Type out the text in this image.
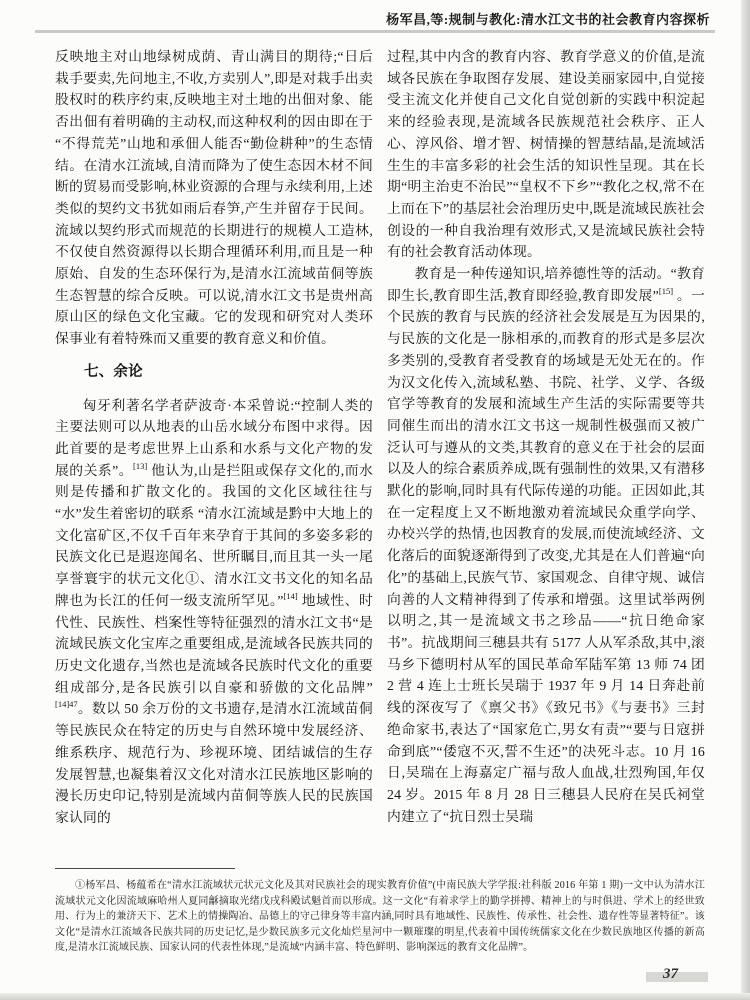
杨军昌,等:规制与教化:清水江文书的社会教育内容探析

反映地主对山地绿树成荫、青山满目的期待;“日后栽手要卖,先问地主,不收,方卖别人”,即是对栽手出卖股权时的秩序约束,反映地主对土地的出佃对象、能否出佃有着明确的主动权,而这种权利的因由即在于“不得荒芜”山地和承佃人能否“勤俭耕种”的生态情结。在清水江流域,自清而降为了使生态因木材不间断的贸易而受影响,林业资源的合理与永续利用,上述类似的契约文书犹如雨后春笋,产生并留存于民间。流域以契约形式而规范的长期进行的规模人工造林,不仅使自然资源得以长期合理循环利用,而且是一种原始、自发的生态环保行为,是清水江流域苗侗等族生态智慧的综合反映。可以说,清水江文书是贵州高原山区的绿色文化宝藏。它的发现和研究对人类环保事业有着特殊而又重要的教育意义和价值。

七、余论

匈牙利著名学者萨波奇·本采曾说:“控制人类的主要法则可以从地表的山岳水域分布图中求得。因此首要的是考虑世界上山系和水系与文化产物的发展的关系”。[13] 他认为,山是拦阻或保存文化的,而水则是传播和扩散文化的。我国的文化区域往往与“水”发生着密切的联系 “清水江流域是黔中大地上的文化富矿区,不仅千百年来孕育于其间的多姿多彩的民族文化已是遐迩闻名、世所瞩目,而且其一头一尾享誉寰宇的状元文化①、清水江文书文化的知名品牌也为长江的任何一级支流所罕见。”[14] 地域性、时代性、民族性、档案性等特征强烈的清水江文书“是流域民族文化宝库之重要组成,是流域各民族共同的历史文化遗存,当然也是流域各民族时代文化的重要组成部分,是各民族引以自豪和骄傲的文化品牌”$^{[14]47}$。数以 50 余万份的文书遗存,是清水江流域苗侗等民族民众在特定的历史与自然环境中发展经济、维系秩序、规范行为、珍视环境、团结诚信的生存发展智慧,也凝集着汉文化对清水江民族地区影响的漫长历史印记,特别是流域内苗侗等族人民的民族国家认同的

过程,其中内含的教育内容、教育学意义的价值,是流域各民族在争取图存发展、建设美丽家园中,自觉接受主流文化并使自己文化自觉创新的实践中积淀起来的经验表现,是流域各民族规范社会秩序、正人心、淳风俗、增才智、树情操的智慧结晶,是流域活生生的丰富多彩的社会生活的知识性呈现。其在长期“明主治吏不治民”“皇权不下乡”“教化之权,常不在上而在下”的基层社会治理历史中,既是流域民族社会创设的一种自我治理有效形式,又是流域民族社会特有的社会教育活动体现。

教育是一种传递知识,培养德性等的活动。“教育即生长,教育即生活,教育即经验,教育即发展”[15] 。一个民族的教育与民族的经济社会发展是互为因果的,与民族的文化是一脉相承的,而教育的形式是多层次多类别的,受教育者受教育的场域是无处无在的。作为汉文化传入,流域私塾、书院、社学、义学、各级官学等教育的发展和流域生产生活的实际需要等共同催生而出的清水江文书这一规制性极强而又被广泛认可与遵从的文类,其教育的意义在于社会的层面以及人的综合素质养成,既有强制性的效果,又有潜移默化的影响,同时具有代际传递的功能。正因如此,其在一定程度上又不断地激劝着流域民众重学向学、办校兴学的热情,也因教育的发展,而使流域经济、文化落后的面貌逐渐得到了改变,尤其是在人们普遍“向化”的基础上,民族气节、家国观念、自律守规、诚信向善的人文精神得到了传承和增强。这里试举两例以明之,其一是流域文书之珍品——“抗日绝命家书”。抗战期间三穗县共有 5177 人从军杀敌,其中,滚马乡下德明村从军的国民革命军陆军第 13 师 74 团 2 营 4 连上士班长吴瑞于 1937 年 9 月 14 日奔赴前线的深夜写了《禀父书》《致兄书》《与妻书》三封绝命家书,表达了“国家危亡,男女有责”“要与日寇拼命到底”“倭寇不灭,誓不生还”的决死斗志。10 月 16 日,吴瑞在上海嘉定广福与敌人血战,壮烈殉国,年仅 24 岁。2015 年 8 月 28 日三穗县人民府在吴氏祠堂内建立了“抗日烈士吴瑞

①杨军昌、杨蕴希在“清水江流域状元状元文化及其对民族社会的现实教育价值”(中南民族大学学报:社科版 2016 年第 1 期)一文中认为清水江流域状元文化因流域麻哈州人夏同龢摘取光绪戊戌科殿试魁首而以形成。这一文化“有着求学上的勤学拼搏、精神上的与时俱进、学术上的经世致用、行为上的兼济天下、艺术上的情操陶冶、品德上的守己律身等丰富内涵,同时具有地域性、民族性、传承性、社会性、遗存性等显著特征”。该文化“是清水江流域各民族共同的历史记忆,是少数民族多元文化灿烂星河中一颗璀璨的明星,代表着中国传统儒家文化在少数民族地区传播的新高度,是清水江流域民族、国家认同的代表性体现,”是流域“内涵丰富、特色鲜明、影响深远的教育文化品牌”。

37
